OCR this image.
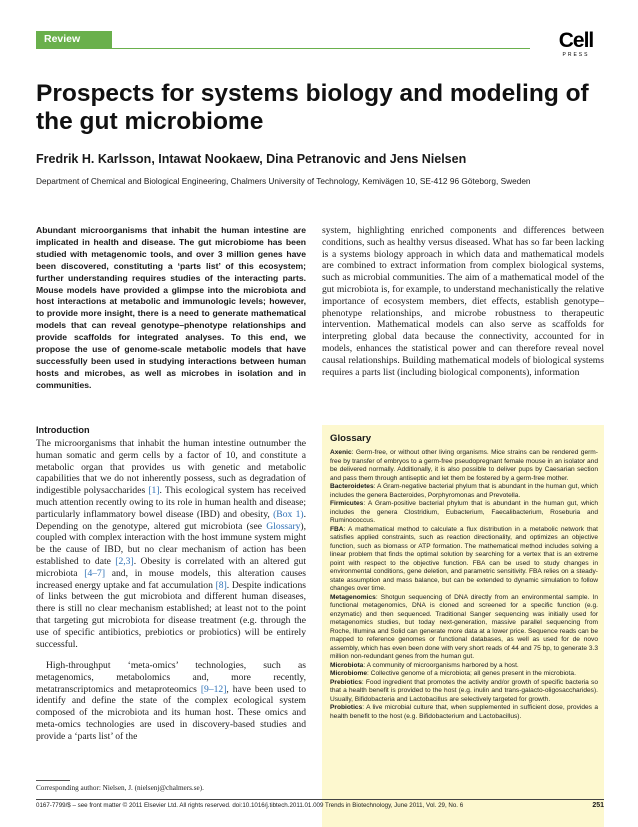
Review	Cell
PRESS
Prospects for systems biology and modeling of the gut microbiome
Fredrik H. Karlsson, Intawat Nookaew, Dina Petranovic and Jens Nielsen
Department of Chemical and Biological Engineering, Chalmers University of Technology, Kemivägen 10, SE-412 96 Göteborg, Sweden
Abundant microorganisms that inhabit the human intestine are implicated in health and disease. The gut microbiome has been studied with metagenomic tools, and over 3 million genes have been discovered, constituting a ‘parts list’ of this ecosystem; further understanding requires studies of the interacting parts. Mouse models have provided a glimpse into the microbiota and host interactions at metabolic and immunologic levels; however, to provide more insight, there is a need to generate mathematical models that can reveal genotype–phenotype relationships and provide scaffolds for integrated analyses. To this end, we propose the use of genome-scale metabolic models that have successfully been used in studying interactions between human hosts and microbes, as well as microbes in isolation and in communities.
Introduction
The microorganisms that inhabit the human intestine outnumber the human somatic and germ cells by a factor of 10, and constitute a metabolic organ that provides us with genetic and metabolic capabilities that we do not inherently possess, such as degradation of indigestible polysaccharides [1]. This ecological system has received much attention recently owing to its role in human health and disease; particularly inflammatory bowel disease (IBD) and obesity, (Box 1). Depending on the genotype, altered gut microbiota (see Glossary), coupled with complex interaction with the host immune system might be the cause of IBD, but no clear mechanism of action has been established to date [2,3]. Obesity is correlated with an altered gut microbiota [4–7] and, in mouse models, this alteration causes increased energy uptake and fat accumulation [8]. Despite indications of links between the gut microbiota and different human diseases, there is still no clear mechanism established; at least not to the point that targeting gut microbiota for disease treatment (e.g. through the use of specific antibiotics, prebiotics or probiotics) will be entirely successful.
High-throughput ‘meta-omics’ technologies, such as metagenomics, metabolomics and, more recently, metatranscriptomics and metaproteomics [9–12], have been used to identify and define the state of the complex ecological system composed of the microbiota and its human host. These omics and meta-omics technologies are used in discovery-based studies and provide a ‘parts list’ of the
system, highlighting enriched components and differences between conditions, such as healthy versus diseased. What has so far been lacking is a systems biology approach in which data and mathematical models are combined to extract information from complex biological systems, such as microbial communities. The aim of a mathematical model of the gut microbiota is, for example, to understand mechanistically the relative importance of ecosystem members, diet effects, establish genotype–phenotype relationships, and microbe robustness to therapeutic intervention. Mathematical models can also serve as scaffolds for interpreting global data because the connectivity, accounted for in models, enhances the statistical power and can therefore reveal novel causal relationships. Building mathematical models of biological systems requires a parts list (including biological components), information
Glossary

Axenic: Germ-free, or without other living organisms. Mice strains can be rendered germ-free by transfer of embryos to a germ-free pseudopregnant female mouse in an isolator and be delivered normally. Additionally, it is also possible to deliver pups by Caesarian section and pass them through antiseptic and let them be fostered by a germ-free mother.

Bacteroidetes: A Gram-negative bacterial phylum that is abundant in the human gut, which includes the genera Bacteroides, Porphyromonas and Prevotella.

Firmicutes: A Gram-positive bacterial phylum that is abundant in the human gut, which includes the genera Clostridium, Eubacterium, Faecalibacterium, Roseburia and Ruminococcus.

FBA: A mathematical method to calculate a flux distribution in a metabolic network that satisfies applied constraints, such as reaction directionality, and optimizes an objective function, such as biomass or ATP formation. The mathematical method includes solving a linear problem that finds the optimal solution by searching for a vertex that is an extreme point with respect to the objective function. FBA can be used to study changes in environmental conditions, gene deletion, and parametric sensitivity. FBA relies on a steady-state assumption and mass balance, but can be extended to dynamic simulation to follow changes over time.

Metagenomics: Shotgun sequencing of DNA directly from an environmental sample. In functional metagenomics, DNA is cloned and screened for a specific function (e.g. enzymatic) and then sequenced. Traditional Sanger sequencing was initially used for metagenomics studies, but today next-generation, massive parallel sequencing from Roche, Illumina and Solid can generate more data at a lower price. Sequence reads can be mapped to reference genomes or functional databases, as well as used for de novo assembly, which has even been done with very short reads of 44 and 75 bp, to generate 3.3 million non-redundant genes from the human gut.

Microbiota: A community of microorganisms harbored by a host.

Microbiome: Collective genome of a microbiota; all genes present in the microbiota.

Prebiotics: Food ingredient that promotes the activity and/or growth of specific bacteria so that a health benefit is provided to the host (e.g. inulin and trans-galacto-oligosaccharides). Usually, Bifidobacteria and Lactobacillus are selectively targeted for growth.

Probiotics: A live microbial culture that, when supplemented in sufficient dose, provides a health benefit to the host (e.g. Bifidobacterium and Lactobacillus).

Corresponding author: Nielsen, J. (nielsenj@chalmers.se).
0167-7799/$ – see front matter © 2011 Elsevier Ltd. All rights reserved. doi:10.1016/j.tibtech.2011.01.009 Trends in Biotechnology, June 2011, Vol. 29, No. 6	251
